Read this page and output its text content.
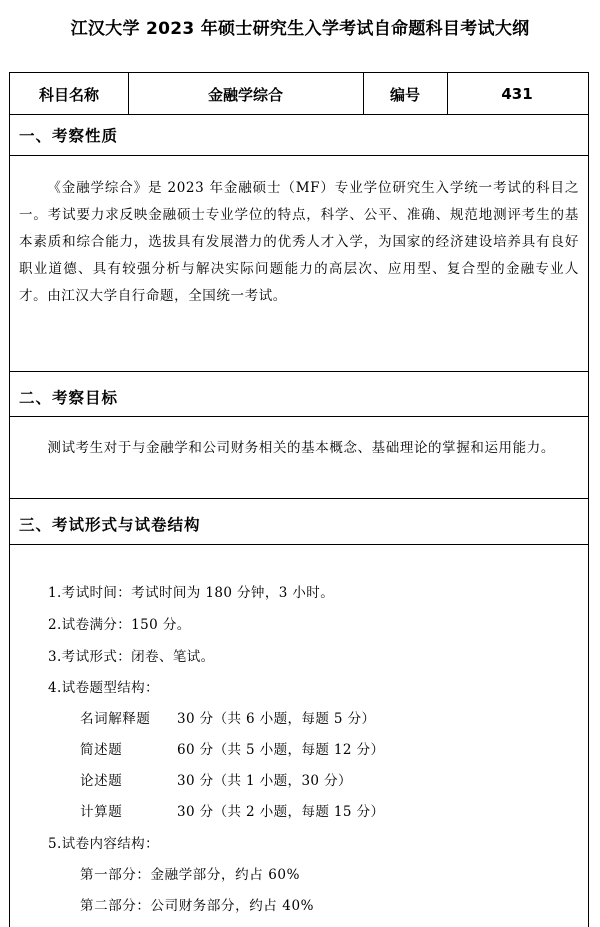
江汉大学 2023 年硕士研究生入学考试自命题科目考试大纲
科目名称	金融学综合	编号	431
一、考察性质

《金融学综合》是 2023 年金融硕士（MF）专业学位研究生入学统一考试的科目之一。考试要力求反映金融硕士专业学位的特点，科学、公平、准确、规范地测评考生的基本素质和综合能力，选拔具有发展潜力的优秀人才入学，为国家的经济建设培养具有良好职业道德、具有较强分析与解决实际问题能力的高层次、应用型、复合型的金融专业人才。由江汉大学自行命题，全国统一考试。

二、考察目标

测试考生对于与金融学和公司财务相关的基本概念、基础理论的掌握和运用能力。

三、考试形式与试卷结构
1.考试时间：考试时间为 180 分钟，3 小时。
2.试卷满分：150 分。
3.考试形式：闭卷、笔试。
4.试卷题型结构：
名词解释题 30 分（共 6 小题，每题 5 分）
简述题	60 分（共 5 小题，每题 12 分）
论述题	30 分（共 1 小题，30 分）
计算题	30 分（共 2 小题，每题 15 分）
5.试卷内容结构：
第一部分：金融学部分，约占 60%
第二部分：公司财务部分，约占 40%
